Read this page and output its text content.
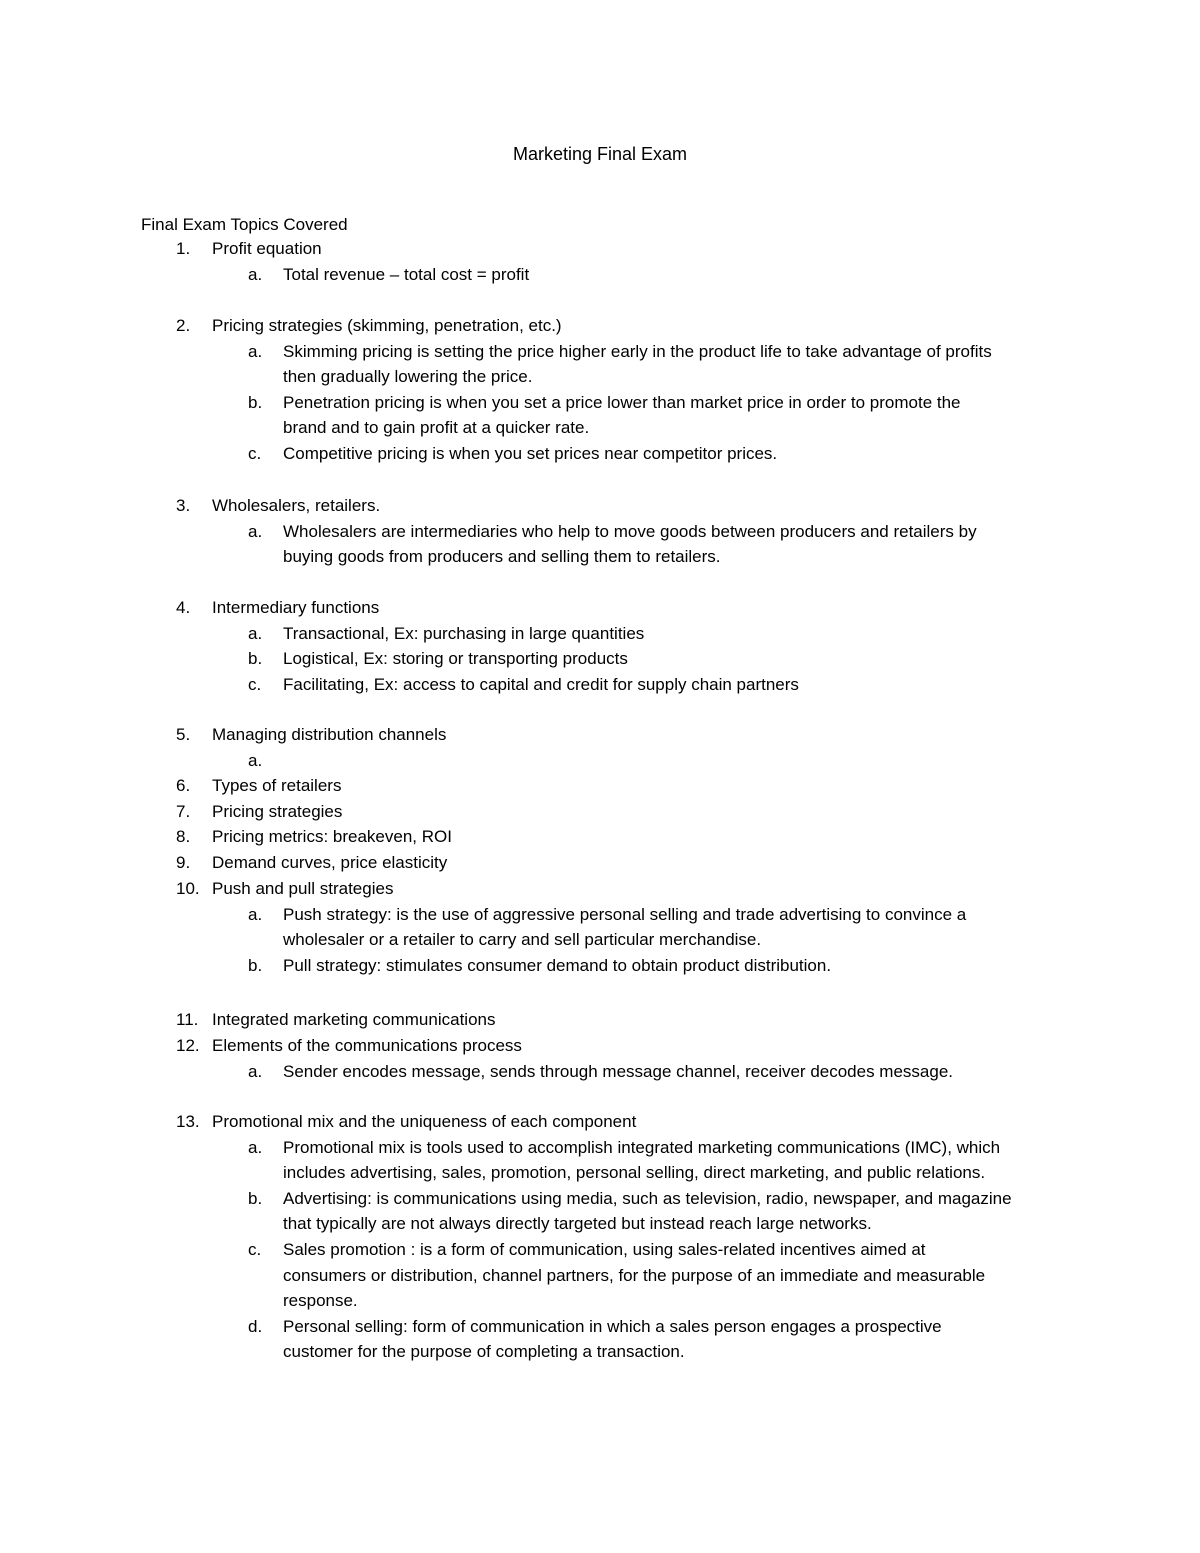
Marketing Final Exam
Final Exam Topics Covered
1.	Profit equation
a.	Total revenue – total cost = profit
2.	Pricing strategies (skimming, penetration, etc.)
a.	Skimming pricing is setting the price higher early in the product life to take advantage of profits
then gradually lowering the price.
b.	Penetration pricing is when you set a price lower than market price in order to promote the
brand and to gain profit at a quicker rate.
c.	Competitive pricing is when you set prices near competitor prices.
3.	Wholesalers, retailers.
a.	Wholesalers are intermediaries who help to move goods between producers and retailers by
buying goods from producers and selling them to retailers.
4.	Intermediary functions
a.	Transactional, Ex: purchasing in large quantities
b.	Logistical, Ex: storing or transporting products
c.	Facilitating, Ex: access to capital and credit for supply chain partners
5.	Managing distribution channels
a.
6.	Types of retailers
7.	Pricing strategies
8.	Pricing metrics: breakeven, ROI
9.	Demand curves, price elasticity
10. Push and pull strategies
a.	Push strategy: is the use of aggressive personal selling and trade advertising to convince a
wholesaler or a retailer to carry and sell particular merchandise.
b.	Pull strategy: stimulates consumer demand to obtain product distribution.
11. Integrated marketing communications
12. Elements of the communications process
a.	Sender encodes message, sends through message channel, receiver decodes message.
13. Promotional mix and the uniqueness of each component
a.	Promotional mix is tools used to accomplish integrated marketing communications (IMC), which
includes advertising, sales, promotion, personal selling, direct marketing, and public relations.
b.	Advertising: is communications using media, such as television, radio, newspaper, and magazine
that typically are not always directly targeted but instead reach large networks.
c.	Sales promotion : is a form of communication, using sales-related incentives aimed at
consumers or distribution, channel partners, for the purpose of an immediate and measurable
response.
d.	Personal selling: form of communication in which a sales person engages a prospective
customer for the purpose of completing a transaction.
